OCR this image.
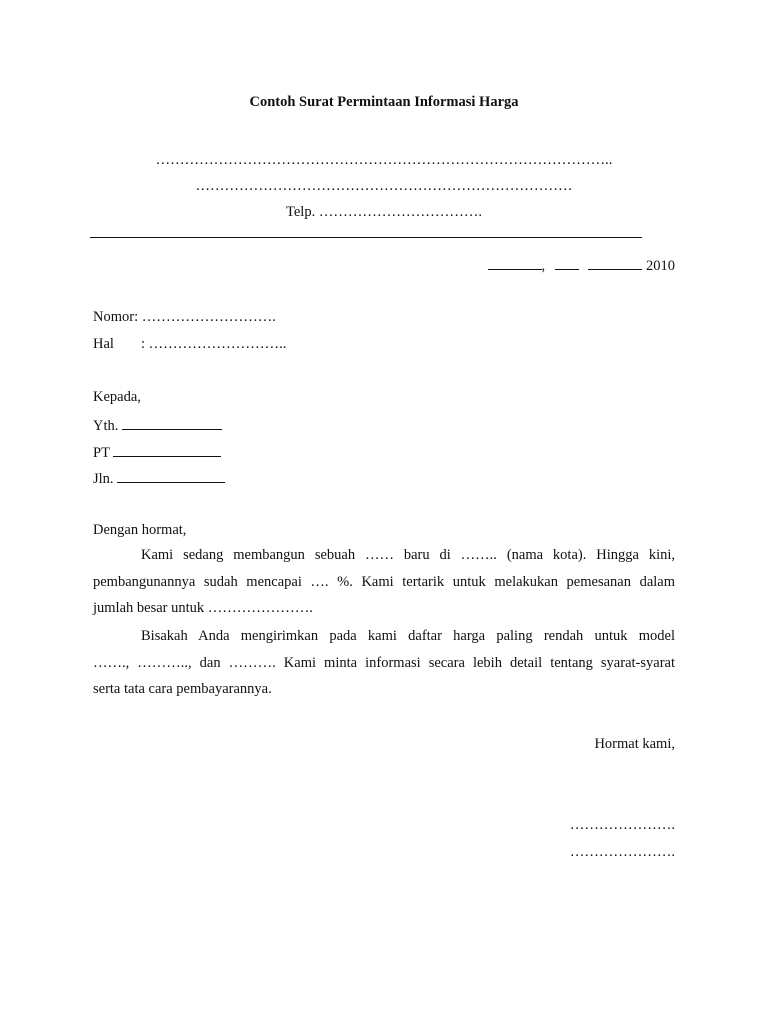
Contoh Surat Permintaan Informasi Harga
…………………………………………………………………………………..
……………………………………………………………………
Telp. …………………………….
,	2010
Nomor: ……………………….
Hal : ………………………..
Kepada,
Yth.
PT
Jln.
Dengan hormat,
Kami sedang membangun sebuah …… baru di …….. (nama kota). Hingga kini,
pembangunannya sudah mencapai …. %. Kami tertarik untuk melakukan pemesanan dalam
jumlah besar untuk ………………….
Bisakah Anda mengirimkan pada kami daftar harga paling rendah untuk model
……., ……….., dan ………. Kami minta informasi secara lebih detail tentang syarat-syarat
serta tata cara pembayarannya.
Hormat kami,
………………….
………………….
